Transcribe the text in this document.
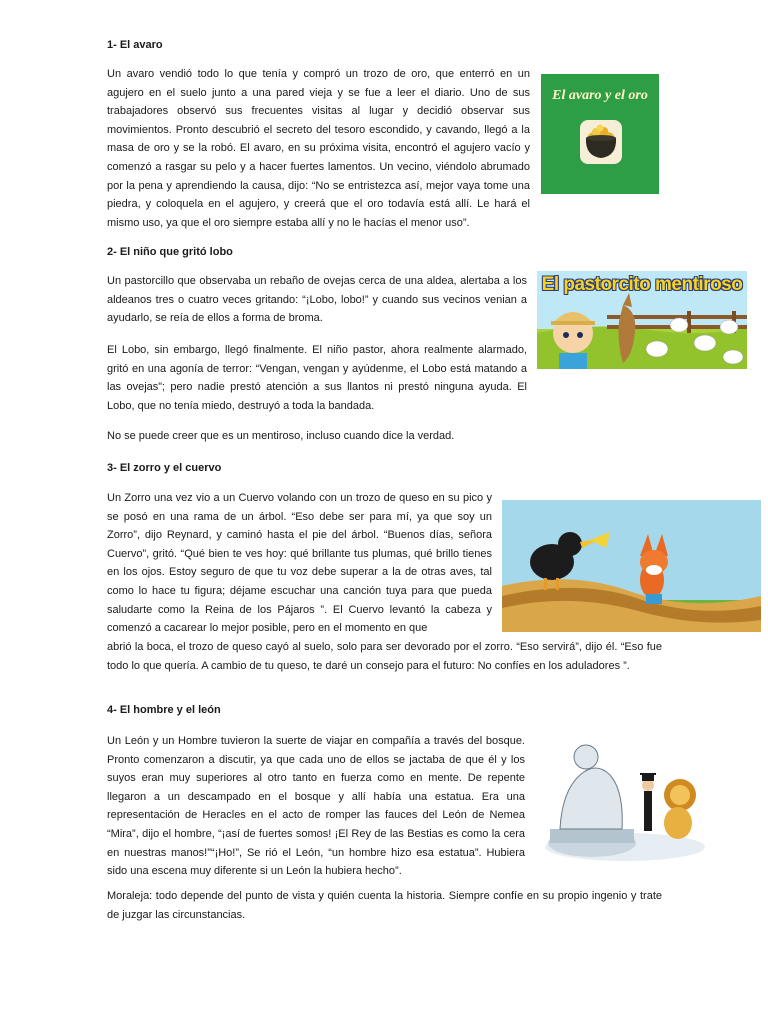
1- El avaro

Un avaro vendió todo lo que tenía y compró un trozo de oro, que enterró en un agujero en el suelo junto a una pared vieja y se fue a leer el diario. Uno de sus trabajadores observó sus frecuentes visitas al lugar y decidió observar sus movimientos. Pronto descubrió el secreto del tesoro escondido, y cavando, llegó a la masa de oro y se la robó. El avaro, en su próxima visita, encontró el agujero vacío y comenzó a rasgar su pelo y a hacer fuertes lamentos. Un vecino, viéndolo abrumado por la pena y aprendiendo la causa, dijo: “No se entristezca así, mejor vaya tome una piedra, y coloquela en el agujero, y creerá que el oro todavía está allí. Le hará el mismo uso, ya que el oro siempre estaba allí y no le hacías el menor uso”.

El avaro y el oro
2- El niño que gritó lobo

Un pastorcillo que observaba un rebaño de ovejas cerca de una aldea, alertaba a los aldeanos tres o cuatro veces gritando: “¡Lobo, lobo!” y cuando sus vecinos venian a ayudarlo, se reía de ellos a forma de broma.

El Lobo, sin embargo, llegó finalmente. El niño pastor, ahora realmente alarmado, gritó en una agonía de terror: “Vengan, vengan y ayúdenme, el Lobo está matando a las ovejas”; pero nadie prestó atención a sus llantos ni prestó ninguna ayuda. El Lobo, que no tenía miedo, destruyó a toda la bandada.

No se puede creer que es un mentiroso, incluso cuando dice la verdad.

El pastorcito mentiroso
3- El zorro y el cuervo

Un Zorro una vez vio a un Cuervo volando con un trozo de queso en su pico y se posó en una rama de un árbol. “Eso debe ser para mí, ya que soy un Zorro”, dijo Reynard, y caminó hasta el pie del árbol. “Buenos días, señora Cuervo”, gritó. “Qué bien te ves hoy: qué brillante tus plumas, qué brillo tienes en los ojos. Estoy seguro de que tu voz debe superar a la de otras aves, tal como lo hace tu figura; déjame escuchar una canción tuya para que pueda saludarte como la Reina de los Pájaros ”. El Cuervo levantó la cabeza y comenzó a cacarear lo mejor posible, pero en el momento en que

abrió la boca, el trozo de queso cayó al suelo, solo para ser devorado por el zorro. “Eso servirá”, dijo él. “Eso fue todo lo que quería. A cambio de tu queso, te daré un consejo para el futuro: No confíes en los aduladores ”.

4- El hombre y el león

Un León y un Hombre tuvieron la suerte de viajar en compañía a través del bosque. Pronto comenzaron a discutir, ya que cada uno de ellos se jactaba de que él y los suyos eran muy superiores al otro tanto en fuerza como en mente. De repente llegaron a un descampado en el bosque y allí había una estatua. Era una representación de Heracles en el acto de romper las fauces del León de Nemea “Mira”, dijo el hombre, “¡así de fuertes somos! ¡El Rey de las Bestias es como la cera en nuestras manos!”“¡Ho!”, Se rió el León, “un hombre hizo esa estatua”. Hubiera sido una escena muy diferente si un León la hubiera hecho”.

Moraleja: todo depende del punto de vista y quién cuenta la historia. Siempre confíe en su propio ingenio y trate de juzgar las circunstancias.
